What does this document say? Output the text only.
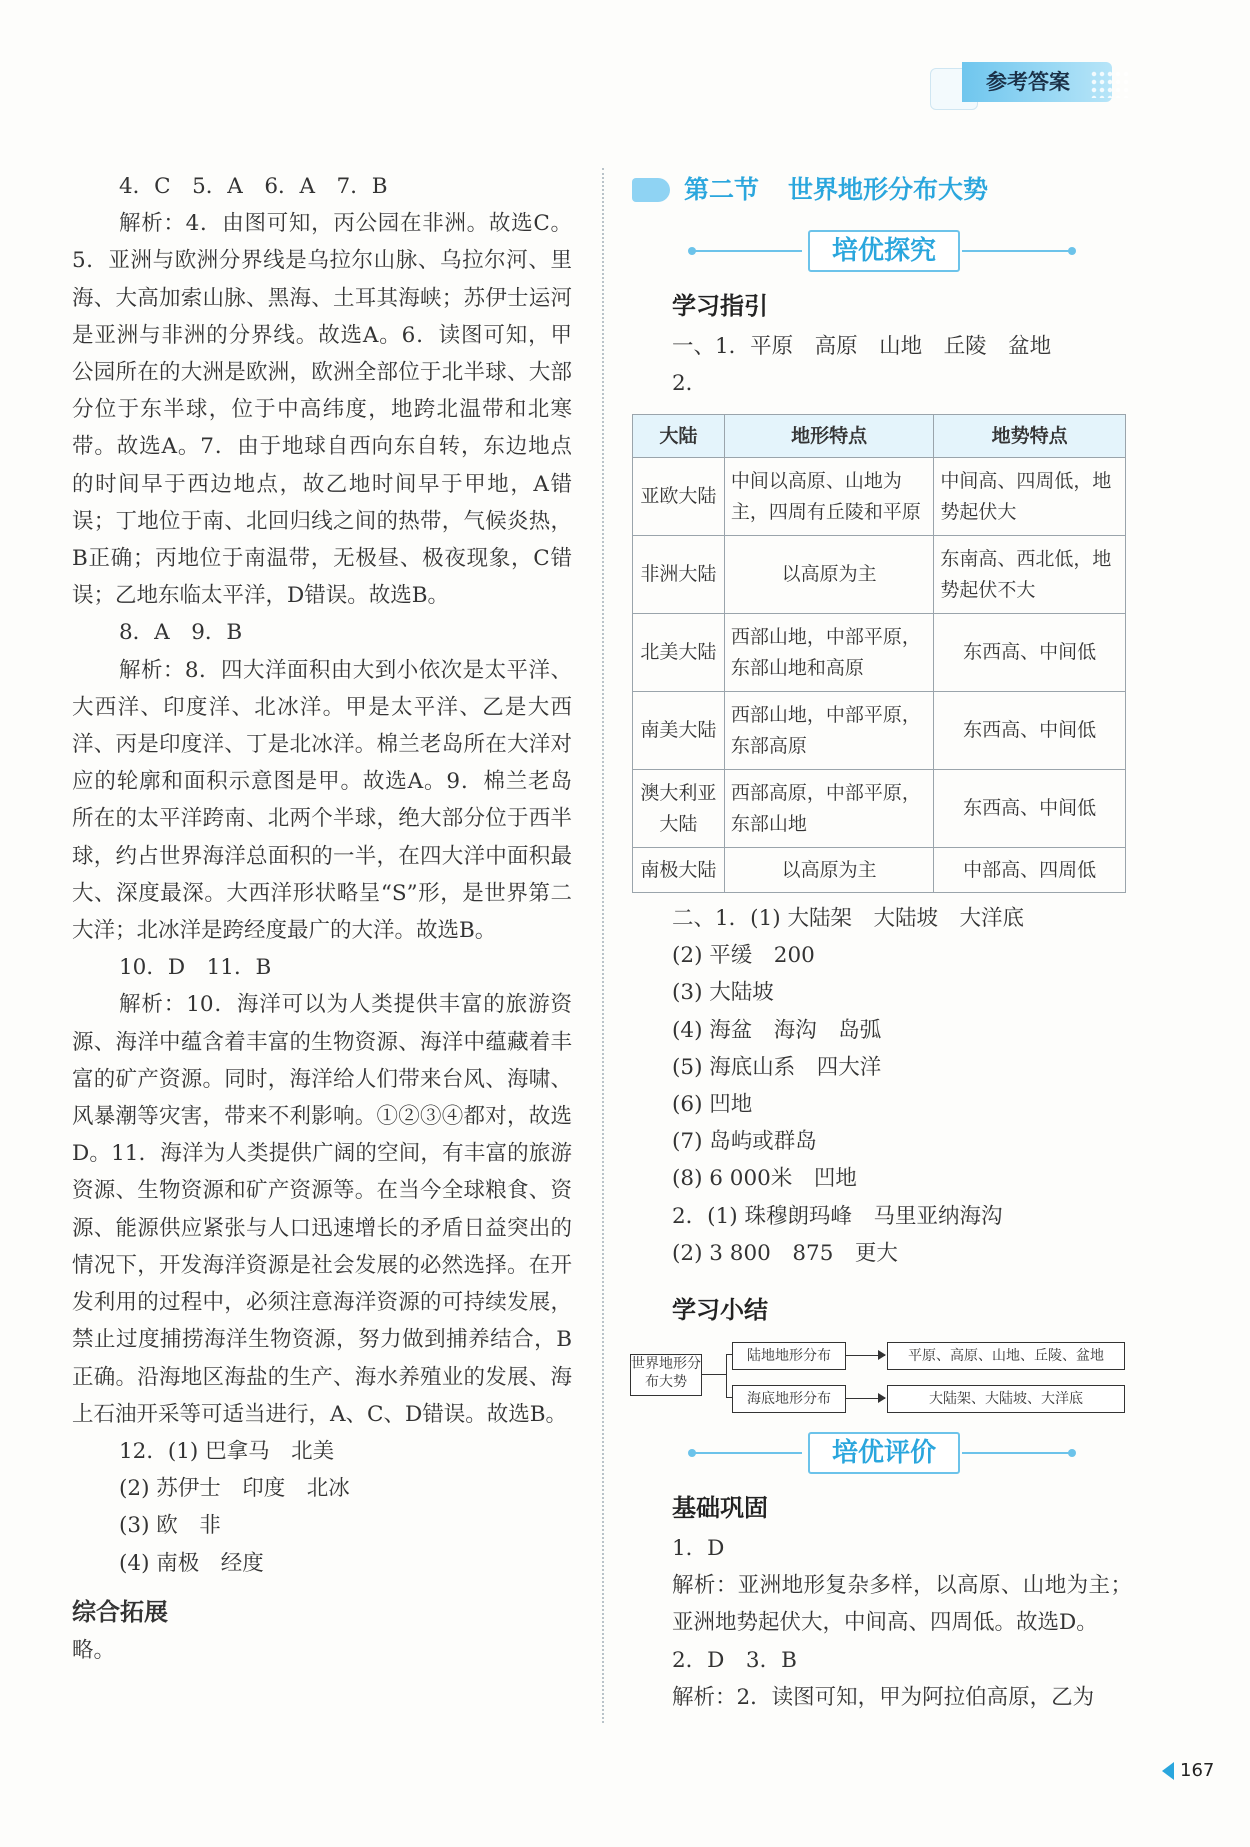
参考答案

4．C　5．A　6．A　7．B

解析：4．由图可知，丙公园在非洲。故选C。5．亚洲与欧洲分界线是乌拉尔山脉、乌拉尔河、里海、大高加索山脉、黑海、土耳其海峡；苏伊士运河是亚洲与非洲的分界线。故选A。6．读图可知，甲公园所在的大洲是欧洲，欧洲全部位于北半球、大部分位于东半球，位于中高纬度，地跨北温带和北寒带。故选A。7．由于地球自西向东自转，东边地点的时间早于西边地点，故乙地时间早于甲地，A错误；丁地位于南、北回归线之间的热带，气候炎热，B正确；丙地位于南温带，无极昼、极夜现象，C错误；乙地东临太平洋，D错误。故选B。

8．A　9．B

解析：8．四大洋面积由大到小依次是太平洋、大西洋、印度洋、北冰洋。甲是太平洋、乙是大西洋、丙是印度洋、丁是北冰洋。棉兰老岛所在大洋对应的轮廓和面积示意图是甲。故选A。9．棉兰老岛所在的太平洋跨南、北两个半球，绝大部分位于西半球，约占世界海洋总面积的一半，在四大洋中面积最大、深度最深。大西洋形状略呈“S”形，是世界第二大洋；北冰洋是跨经度最广的大洋。故选B。

10．D　11．B

解析：10．海洋可以为人类提供丰富的旅游资源、海洋中蕴含着丰富的生物资源、海洋中蕴藏着丰富的矿产资源。同时，海洋给人们带来台风、海啸、风暴潮等灾害，带来不利影响。①②③④都对，故选D。11．海洋为人类提供广阔的空间，有丰富的旅游资源、生物资源和矿产资源等。在当今全球粮食、资源、能源供应紧张与人口迅速增长的矛盾日益突出的情况下，开发海洋资源是社会发展的必然选择。在开发利用的过程中，必须注意海洋资源的可持续发展，禁止过度捕捞海洋生物资源，努力做到捕养结合，B正确。沿海地区海盐的生产、海水养殖业的发展、海上石油开采等可适当进行，A、C、D错误。故选B。

12．(1) 巴拿马　北美

(2) 苏伊士　印度　北冰

(3) 欧　非

(4) 南极　经度

综合拓展

略。

第二节 世界地形分布大势
培优探究
学习指引
一、1．平原　高原　山地　丘陵　盆地
2．
大陆	地形特点	地势特点
亚欧大陆	中间以高原、山地为主，四周有丘陵和平原	中间高、四周低，地势起伏大
非洲大陆	以高原为主	东南高、西北低，地势起伏不大
北美大陆	西部山地，中部平原，东部山地和高原	东西高、中间低
南美大陆	西部山地，中部平原，东部高原	东西高、中间低
澳大利亚大陆	西部高原，中部平原，东部山地	东西高、中间低
南极大陆	以高原为主	中部高、四周低
二、1．(1) 大陆架　大陆坡　大洋底
(2) 平缓　200
(3) 大陆坡
(4) 海盆　海沟　岛弧
(5) 海底山系　四大洋
(6) 凹地
(7) 岛屿或群岛
(8) 6 000米　凹地
2．(1) 珠穆朗玛峰　马里亚纳海沟
(2) 3 800　875　更大
学习小结
世界地形分布大势
陆地地形分布
海底地形分布
平原、高原、山地、丘陵、盆地
大陆架、大陆坡、大洋底
培优评价
基础巩固
1．D
解析：亚洲地形复杂多样，以高原、山地为主；亚洲地势起伏大，中间高、四周低。故选D。
2．D　3．B
解析：2．读图可知，甲为阿拉伯高原，乙为
167
